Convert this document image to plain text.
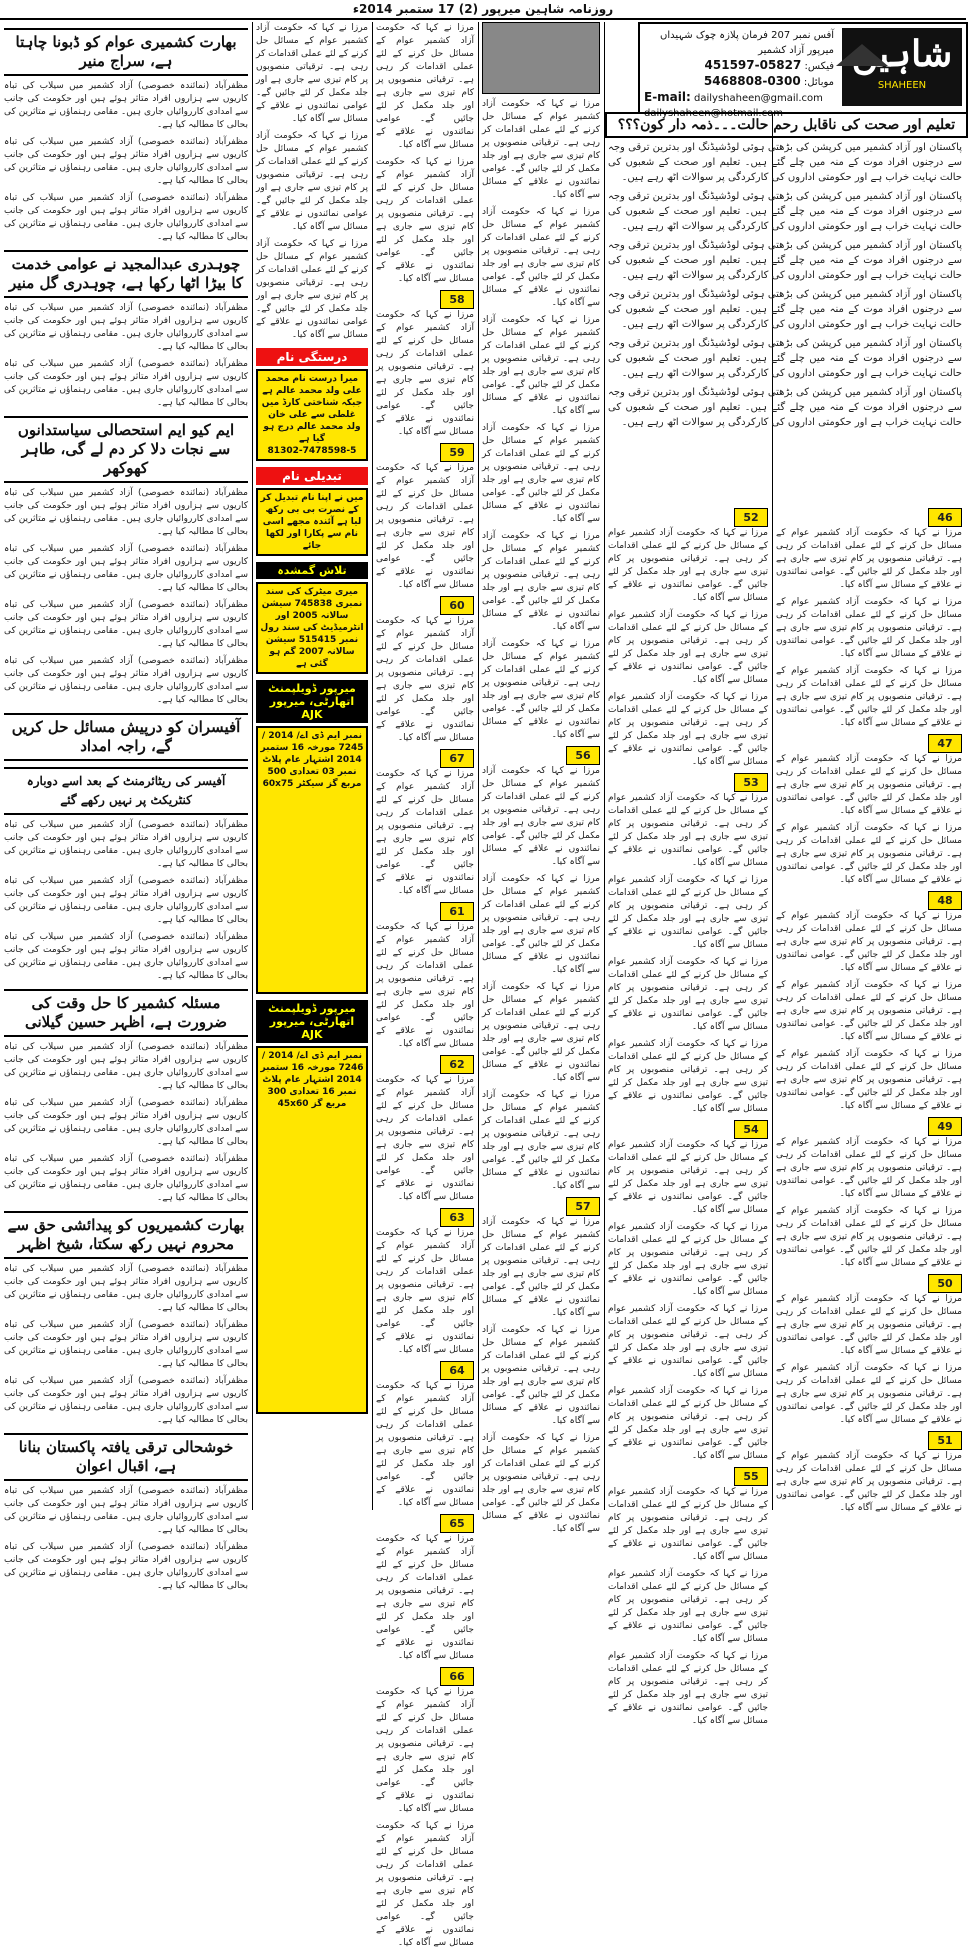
روزنامہ شاہین میرپور (2) 17 ستمبر 2014ء
بھارت کشمیری عوام کو ڈبونا چاہتا ہے، سراج منیر

مظفرآباد (نمائندہ خصوصی) آزاد کشمیر میں سیلاب کی تباہ کاریوں سے ہزاروں افراد متاثر ہوئے ہیں اور حکومت کی جانب سے امدادی کارروائیاں جاری ہیں۔ مقامی رہنماؤں نے متاثرین کی بحالی کا مطالبہ کیا ہے۔

مظفرآباد (نمائندہ خصوصی) آزاد کشمیر میں سیلاب کی تباہ کاریوں سے ہزاروں افراد متاثر ہوئے ہیں اور حکومت کی جانب سے امدادی کارروائیاں جاری ہیں۔ مقامی رہنماؤں نے متاثرین کی بحالی کا مطالبہ کیا ہے۔

مظفرآباد (نمائندہ خصوصی) آزاد کشمیر میں سیلاب کی تباہ کاریوں سے ہزاروں افراد متاثر ہوئے ہیں اور حکومت کی جانب سے امدادی کارروائیاں جاری ہیں۔ مقامی رہنماؤں نے متاثرین کی بحالی کا مطالبہ کیا ہے۔

چوہدری عبدالمجید نے عوامی خدمت کا بیڑا اٹھا رکھا ہے، چوہدری گل منیر

مظفرآباد (نمائندہ خصوصی) آزاد کشمیر میں سیلاب کی تباہ کاریوں سے ہزاروں افراد متاثر ہوئے ہیں اور حکومت کی جانب سے امدادی کارروائیاں جاری ہیں۔ مقامی رہنماؤں نے متاثرین کی بحالی کا مطالبہ کیا ہے۔

مظفرآباد (نمائندہ خصوصی) آزاد کشمیر میں سیلاب کی تباہ کاریوں سے ہزاروں افراد متاثر ہوئے ہیں اور حکومت کی جانب سے امدادی کارروائیاں جاری ہیں۔ مقامی رہنماؤں نے متاثرین کی بحالی کا مطالبہ کیا ہے۔

ایم کیو ایم استحصالی سیاستدانوں سے نجات دلا کر دم لے گی، طاہر کھوکھر

مظفرآباد (نمائندہ خصوصی) آزاد کشمیر میں سیلاب کی تباہ کاریوں سے ہزاروں افراد متاثر ہوئے ہیں اور حکومت کی جانب سے امدادی کارروائیاں جاری ہیں۔ مقامی رہنماؤں نے متاثرین کی بحالی کا مطالبہ کیا ہے۔

مظفرآباد (نمائندہ خصوصی) آزاد کشمیر میں سیلاب کی تباہ کاریوں سے ہزاروں افراد متاثر ہوئے ہیں اور حکومت کی جانب سے امدادی کارروائیاں جاری ہیں۔ مقامی رہنماؤں نے متاثرین کی بحالی کا مطالبہ کیا ہے۔

مظفرآباد (نمائندہ خصوصی) آزاد کشمیر میں سیلاب کی تباہ کاریوں سے ہزاروں افراد متاثر ہوئے ہیں اور حکومت کی جانب سے امدادی کارروائیاں جاری ہیں۔ مقامی رہنماؤں نے متاثرین کی بحالی کا مطالبہ کیا ہے۔

مظفرآباد (نمائندہ خصوصی) آزاد کشمیر میں سیلاب کی تباہ کاریوں سے ہزاروں افراد متاثر ہوئے ہیں اور حکومت کی جانب سے امدادی کارروائیاں جاری ہیں۔ مقامی رہنماؤں نے متاثرین کی بحالی کا مطالبہ کیا ہے۔

آفیسران کو درپیش مسائل حل کریں گے، راجہ امداد
آفیسر کی ریٹائرمنٹ کے بعد اسے دوبارہ کنٹریکٹ پر نہیں رکھے گئے

مظفرآباد (نمائندہ خصوصی) آزاد کشمیر میں سیلاب کی تباہ کاریوں سے ہزاروں افراد متاثر ہوئے ہیں اور حکومت کی جانب سے امدادی کارروائیاں جاری ہیں۔ مقامی رہنماؤں نے متاثرین کی بحالی کا مطالبہ کیا ہے۔

مظفرآباد (نمائندہ خصوصی) آزاد کشمیر میں سیلاب کی تباہ کاریوں سے ہزاروں افراد متاثر ہوئے ہیں اور حکومت کی جانب سے امدادی کارروائیاں جاری ہیں۔ مقامی رہنماؤں نے متاثرین کی بحالی کا مطالبہ کیا ہے۔

مظفرآباد (نمائندہ خصوصی) آزاد کشمیر میں سیلاب کی تباہ کاریوں سے ہزاروں افراد متاثر ہوئے ہیں اور حکومت کی جانب سے امدادی کارروائیاں جاری ہیں۔ مقامی رہنماؤں نے متاثرین کی بحالی کا مطالبہ کیا ہے۔

مسئلہ کشمیر کا حل وقت کی ضرورت ہے، اظہر حسین گیلانی

مظفرآباد (نمائندہ خصوصی) آزاد کشمیر میں سیلاب کی تباہ کاریوں سے ہزاروں افراد متاثر ہوئے ہیں اور حکومت کی جانب سے امدادی کارروائیاں جاری ہیں۔ مقامی رہنماؤں نے متاثرین کی بحالی کا مطالبہ کیا ہے۔

مظفرآباد (نمائندہ خصوصی) آزاد کشمیر میں سیلاب کی تباہ کاریوں سے ہزاروں افراد متاثر ہوئے ہیں اور حکومت کی جانب سے امدادی کارروائیاں جاری ہیں۔ مقامی رہنماؤں نے متاثرین کی بحالی کا مطالبہ کیا ہے۔

مظفرآباد (نمائندہ خصوصی) آزاد کشمیر میں سیلاب کی تباہ کاریوں سے ہزاروں افراد متاثر ہوئے ہیں اور حکومت کی جانب سے امدادی کارروائیاں جاری ہیں۔ مقامی رہنماؤں نے متاثرین کی بحالی کا مطالبہ کیا ہے۔

بھارت کشمیریوں کو پیدائشی حق سے محروم نہیں رکھ سکتا، شیخ اظہر

مظفرآباد (نمائندہ خصوصی) آزاد کشمیر میں سیلاب کی تباہ کاریوں سے ہزاروں افراد متاثر ہوئے ہیں اور حکومت کی جانب سے امدادی کارروائیاں جاری ہیں۔ مقامی رہنماؤں نے متاثرین کی بحالی کا مطالبہ کیا ہے۔

مظفرآباد (نمائندہ خصوصی) آزاد کشمیر میں سیلاب کی تباہ کاریوں سے ہزاروں افراد متاثر ہوئے ہیں اور حکومت کی جانب سے امدادی کارروائیاں جاری ہیں۔ مقامی رہنماؤں نے متاثرین کی بحالی کا مطالبہ کیا ہے۔

مظفرآباد (نمائندہ خصوصی) آزاد کشمیر میں سیلاب کی تباہ کاریوں سے ہزاروں افراد متاثر ہوئے ہیں اور حکومت کی جانب سے امدادی کارروائیاں جاری ہیں۔ مقامی رہنماؤں نے متاثرین کی بحالی کا مطالبہ کیا ہے۔

خوشحالی ترقی یافتہ پاکستان بنانا ہے، اقبال اعوان

مظفرآباد (نمائندہ خصوصی) آزاد کشمیر میں سیلاب کی تباہ کاریوں سے ہزاروں افراد متاثر ہوئے ہیں اور حکومت کی جانب سے امدادی کارروائیاں جاری ہیں۔ مقامی رہنماؤں نے متاثرین کی بحالی کا مطالبہ کیا ہے۔

مظفرآباد (نمائندہ خصوصی) آزاد کشمیر میں سیلاب کی تباہ کاریوں سے ہزاروں افراد متاثر ہوئے ہیں اور حکومت کی جانب سے امدادی کارروائیاں جاری ہیں۔ مقامی رہنماؤں نے متاثرین کی بحالی کا مطالبہ کیا ہے۔

مرزا نے کہا کہ حکومت آزاد کشمیر عوام کے مسائل حل کرنے کے لئے عملی اقدامات کر رہی ہے۔ ترقیاتی منصوبوں پر کام تیزی سے جاری ہے اور جلد مکمل کر لئے جائیں گے۔ عوامی نمائندوں نے علاقے کے مسائل سے آگاہ کیا۔

مرزا نے کہا کہ حکومت آزاد کشمیر عوام کے مسائل حل کرنے کے لئے عملی اقدامات کر رہی ہے۔ ترقیاتی منصوبوں پر کام تیزی سے جاری ہے اور جلد مکمل کر لئے جائیں گے۔ عوامی نمائندوں نے علاقے کے مسائل سے آگاہ کیا۔

مرزا نے کہا کہ حکومت آزاد کشمیر عوام کے مسائل حل کرنے کے لئے عملی اقدامات کر رہی ہے۔ ترقیاتی منصوبوں پر کام تیزی سے جاری ہے اور جلد مکمل کر لئے جائیں گے۔ عوامی نمائندوں نے علاقے کے مسائل سے آگاہ کیا۔

درستگی نام
میرا درست نام محمد علی ولد محمد عالم ہے جبکہ شناختی کارڈ میں غلطی سے علی خان ولد محمد عالم درج ہو گیا ہے
81302-7478598-5
تبدیلی نام
میں نے اپنا نام تبدیل کر کے نصرت بی بی رکھ لیا ہے آئندہ مجھے اسی نام سے پکارا اور لکھا جائے
تلاش گمشدہ
میری میٹرک کی سند نمبری 745838 سیشن سالانہ 2005 اور انٹرمیڈیٹ کی سند رول نمبر 515415 سیشن سالانہ 2007 گم ہو گئی ہے
میرپور ڈویلپمنٹ اتھارٹی، میرپور AJK
نمبر ایم ڈی اے/ 2014 / 7245 مورخہ 16 ستمبر 2014 اشتہار عام پلاٹ نمبر 03 تعدادی 500 مربع گز سیکٹر 60x75
میرپور ڈویلپمنٹ اتھارٹی، میرپور AJK
نمبر ایم ڈی اے/ 2014 / 7246 مورخہ 16 ستمبر 2014 اشتہار عام پلاٹ نمبر 16 تعدادی 300 مربع گز 45x60

مرزا نے کہا کہ حکومت آزاد کشمیر عوام کے مسائل حل کرنے کے لئے عملی اقدامات کر رہی ہے۔ ترقیاتی منصوبوں پر کام تیزی سے جاری ہے اور جلد مکمل کر لئے جائیں گے۔ عوامی نمائندوں نے علاقے کے مسائل سے آگاہ کیا۔

مرزا نے کہا کہ حکومت آزاد کشمیر عوام کے مسائل حل کرنے کے لئے عملی اقدامات کر رہی ہے۔ ترقیاتی منصوبوں پر کام تیزی سے جاری ہے اور جلد مکمل کر لئے جائیں گے۔ عوامی نمائندوں نے علاقے کے مسائل سے آگاہ کیا۔

58

مرزا نے کہا کہ حکومت آزاد کشمیر عوام کے مسائل حل کرنے کے لئے عملی اقدامات کر رہی ہے۔ ترقیاتی منصوبوں پر کام تیزی سے جاری ہے اور جلد مکمل کر لئے جائیں گے۔ عوامی نمائندوں نے علاقے کے مسائل سے آگاہ کیا۔

59

مرزا نے کہا کہ حکومت آزاد کشمیر عوام کے مسائل حل کرنے کے لئے عملی اقدامات کر رہی ہے۔ ترقیاتی منصوبوں پر کام تیزی سے جاری ہے اور جلد مکمل کر لئے جائیں گے۔ عوامی نمائندوں نے علاقے کے مسائل سے آگاہ کیا۔

60

مرزا نے کہا کہ حکومت آزاد کشمیر عوام کے مسائل حل کرنے کے لئے عملی اقدامات کر رہی ہے۔ ترقیاتی منصوبوں پر کام تیزی سے جاری ہے اور جلد مکمل کر لئے جائیں گے۔ عوامی نمائندوں نے علاقے کے مسائل سے آگاہ کیا۔

67

مرزا نے کہا کہ حکومت آزاد کشمیر عوام کے مسائل حل کرنے کے لئے عملی اقدامات کر رہی ہے۔ ترقیاتی منصوبوں پر کام تیزی سے جاری ہے اور جلد مکمل کر لئے جائیں گے۔ عوامی نمائندوں نے علاقے کے مسائل سے آگاہ کیا۔

61

مرزا نے کہا کہ حکومت آزاد کشمیر عوام کے مسائل حل کرنے کے لئے عملی اقدامات کر رہی ہے۔ ترقیاتی منصوبوں پر کام تیزی سے جاری ہے اور جلد مکمل کر لئے جائیں گے۔ عوامی نمائندوں نے علاقے کے مسائل سے آگاہ کیا۔

62

مرزا نے کہا کہ حکومت آزاد کشمیر عوام کے مسائل حل کرنے کے لئے عملی اقدامات کر رہی ہے۔ ترقیاتی منصوبوں پر کام تیزی سے جاری ہے اور جلد مکمل کر لئے جائیں گے۔ عوامی نمائندوں نے علاقے کے مسائل سے آگاہ کیا۔

63

مرزا نے کہا کہ حکومت آزاد کشمیر عوام کے مسائل حل کرنے کے لئے عملی اقدامات کر رہی ہے۔ ترقیاتی منصوبوں پر کام تیزی سے جاری ہے اور جلد مکمل کر لئے جائیں گے۔ عوامی نمائندوں نے علاقے کے مسائل سے آگاہ کیا۔

64

مرزا نے کہا کہ حکومت آزاد کشمیر عوام کے مسائل حل کرنے کے لئے عملی اقدامات کر رہی ہے۔ ترقیاتی منصوبوں پر کام تیزی سے جاری ہے اور جلد مکمل کر لئے جائیں گے۔ عوامی نمائندوں نے علاقے کے مسائل سے آگاہ کیا۔

65

مرزا نے کہا کہ حکومت آزاد کشمیر عوام کے مسائل حل کرنے کے لئے عملی اقدامات کر رہی ہے۔ ترقیاتی منصوبوں پر کام تیزی سے جاری ہے اور جلد مکمل کر لئے جائیں گے۔ عوامی نمائندوں نے علاقے کے مسائل سے آگاہ کیا۔

66

مرزا نے کہا کہ حکومت آزاد کشمیر عوام کے مسائل حل کرنے کے لئے عملی اقدامات کر رہی ہے۔ ترقیاتی منصوبوں پر کام تیزی سے جاری ہے اور جلد مکمل کر لئے جائیں گے۔ عوامی نمائندوں نے علاقے کے مسائل سے آگاہ کیا۔

مرزا نے کہا کہ حکومت آزاد کشمیر عوام کے مسائل حل کرنے کے لئے عملی اقدامات کر رہی ہے۔ ترقیاتی منصوبوں پر کام تیزی سے جاری ہے اور جلد مکمل کر لئے جائیں گے۔ عوامی نمائندوں نے علاقے کے مسائل سے آگاہ کیا۔

مرزا نے کہا کہ حکومت آزاد کشمیر عوام کے مسائل حل کرنے کے لئے عملی اقدامات کر رہی ہے۔ ترقیاتی منصوبوں پر کام تیزی سے جاری ہے اور جلد مکمل کر لئے جائیں گے۔ عوامی نمائندوں نے علاقے کے مسائل سے آگاہ کیا۔

مرزا نے کہا کہ حکومت آزاد کشمیر عوام کے مسائل حل کرنے کے لئے عملی اقدامات کر رہی ہے۔ ترقیاتی منصوبوں پر کام تیزی سے جاری ہے اور جلد مکمل کر لئے جائیں گے۔ عوامی نمائندوں نے علاقے کے مسائل سے آگاہ کیا۔

مرزا نے کہا کہ حکومت آزاد کشمیر عوام کے مسائل حل کرنے کے لئے عملی اقدامات کر رہی ہے۔ ترقیاتی منصوبوں پر کام تیزی سے جاری ہے اور جلد مکمل کر لئے جائیں گے۔ عوامی نمائندوں نے علاقے کے مسائل سے آگاہ کیا۔

مرزا نے کہا کہ حکومت آزاد کشمیر عوام کے مسائل حل کرنے کے لئے عملی اقدامات کر رہی ہے۔ ترقیاتی منصوبوں پر کام تیزی سے جاری ہے اور جلد مکمل کر لئے جائیں گے۔ عوامی نمائندوں نے علاقے کے مسائل سے آگاہ کیا۔

مرزا نے کہا کہ حکومت آزاد کشمیر عوام کے مسائل حل کرنے کے لئے عملی اقدامات کر رہی ہے۔ ترقیاتی منصوبوں پر کام تیزی سے جاری ہے اور جلد مکمل کر لئے جائیں گے۔ عوامی نمائندوں نے علاقے کے مسائل سے آگاہ کیا۔

مرزا نے کہا کہ حکومت آزاد کشمیر عوام کے مسائل حل کرنے کے لئے عملی اقدامات کر رہی ہے۔ ترقیاتی منصوبوں پر کام تیزی سے جاری ہے اور جلد مکمل کر لئے جائیں گے۔ عوامی نمائندوں نے علاقے کے مسائل سے آگاہ کیا۔

56

مرزا نے کہا کہ حکومت آزاد کشمیر عوام کے مسائل حل کرنے کے لئے عملی اقدامات کر رہی ہے۔ ترقیاتی منصوبوں پر کام تیزی سے جاری ہے اور جلد مکمل کر لئے جائیں گے۔ عوامی نمائندوں نے علاقے کے مسائل سے آگاہ کیا۔

مرزا نے کہا کہ حکومت آزاد کشمیر عوام کے مسائل حل کرنے کے لئے عملی اقدامات کر رہی ہے۔ ترقیاتی منصوبوں پر کام تیزی سے جاری ہے اور جلد مکمل کر لئے جائیں گے۔ عوامی نمائندوں نے علاقے کے مسائل سے آگاہ کیا۔

مرزا نے کہا کہ حکومت آزاد کشمیر عوام کے مسائل حل کرنے کے لئے عملی اقدامات کر رہی ہے۔ ترقیاتی منصوبوں پر کام تیزی سے جاری ہے اور جلد مکمل کر لئے جائیں گے۔ عوامی نمائندوں نے علاقے کے مسائل سے آگاہ کیا۔

مرزا نے کہا کہ حکومت آزاد کشمیر عوام کے مسائل حل کرنے کے لئے عملی اقدامات کر رہی ہے۔ ترقیاتی منصوبوں پر کام تیزی سے جاری ہے اور جلد مکمل کر لئے جائیں گے۔ عوامی نمائندوں نے علاقے کے مسائل سے آگاہ کیا۔

57

مرزا نے کہا کہ حکومت آزاد کشمیر عوام کے مسائل حل کرنے کے لئے عملی اقدامات کر رہی ہے۔ ترقیاتی منصوبوں پر کام تیزی سے جاری ہے اور جلد مکمل کر لئے جائیں گے۔ عوامی نمائندوں نے علاقے کے مسائل سے آگاہ کیا۔

مرزا نے کہا کہ حکومت آزاد کشمیر عوام کے مسائل حل کرنے کے لئے عملی اقدامات کر رہی ہے۔ ترقیاتی منصوبوں پر کام تیزی سے جاری ہے اور جلد مکمل کر لئے جائیں گے۔ عوامی نمائندوں نے علاقے کے مسائل سے آگاہ کیا۔

مرزا نے کہا کہ حکومت آزاد کشمیر عوام کے مسائل حل کرنے کے لئے عملی اقدامات کر رہی ہے۔ ترقیاتی منصوبوں پر کام تیزی سے جاری ہے اور جلد مکمل کر لئے جائیں گے۔ عوامی نمائندوں نے علاقے کے مسائل سے آگاہ کیا۔

شاہین
SHAHEEN
آفس نمبر 207 فرمان پلازہ چوک شہیداں میرپور آزاد کشمیر
فیکس: 05827-451597
موبائل: 0300-5468808
E-mail: dailyshaheen@gmail.com
dailyshaheen@hotmail.com
تعلیم اور صحت کی ناقابل رحم حالت۔۔۔ذمہ دار کون؟؟؟

پاکستان اور آزاد کشمیر میں کرپشن کی بڑھتی ہوئی لوڈشیڈنگ اور بدترین ترقی وجہ سے درجنوں افراد موت کے منہ میں چلے گئے ہیں۔ تعلیم اور صحت کے شعبوں کی حالت نہایت خراب ہے اور حکومتی اداروں کی کارکردگی پر سوالات اٹھ رہے ہیں۔

پاکستان اور آزاد کشمیر میں کرپشن کی بڑھتی ہوئی لوڈشیڈنگ اور بدترین ترقی وجہ سے درجنوں افراد موت کے منہ میں چلے گئے ہیں۔ تعلیم اور صحت کے شعبوں کی حالت نہایت خراب ہے اور حکومتی اداروں کی کارکردگی پر سوالات اٹھ رہے ہیں۔

پاکستان اور آزاد کشمیر میں کرپشن کی بڑھتی ہوئی لوڈشیڈنگ اور بدترین ترقی وجہ سے درجنوں افراد موت کے منہ میں چلے گئے ہیں۔ تعلیم اور صحت کے شعبوں کی حالت نہایت خراب ہے اور حکومتی اداروں کی کارکردگی پر سوالات اٹھ رہے ہیں۔

پاکستان اور آزاد کشمیر میں کرپشن کی بڑھتی ہوئی لوڈشیڈنگ اور بدترین ترقی وجہ سے درجنوں افراد موت کے منہ میں چلے گئے ہیں۔ تعلیم اور صحت کے شعبوں کی حالت نہایت خراب ہے اور حکومتی اداروں کی کارکردگی پر سوالات اٹھ رہے ہیں۔

پاکستان اور آزاد کشمیر میں کرپشن کی بڑھتی ہوئی لوڈشیڈنگ اور بدترین ترقی وجہ سے درجنوں افراد موت کے منہ میں چلے گئے ہیں۔ تعلیم اور صحت کے شعبوں کی حالت نہایت خراب ہے اور حکومتی اداروں کی کارکردگی پر سوالات اٹھ رہے ہیں۔

پاکستان اور آزاد کشمیر میں کرپشن کی بڑھتی ہوئی لوڈشیڈنگ اور بدترین ترقی وجہ سے درجنوں افراد موت کے منہ میں چلے گئے ہیں۔ تعلیم اور صحت کے شعبوں کی حالت نہایت خراب ہے اور حکومتی اداروں کی کارکردگی پر سوالات اٹھ رہے ہیں۔

52

مرزا نے کہا کہ حکومت آزاد کشمیر عوام کے مسائل حل کرنے کے لئے عملی اقدامات کر رہی ہے۔ ترقیاتی منصوبوں پر کام تیزی سے جاری ہے اور جلد مکمل کر لئے جائیں گے۔ عوامی نمائندوں نے علاقے کے مسائل سے آگاہ کیا۔

مرزا نے کہا کہ حکومت آزاد کشمیر عوام کے مسائل حل کرنے کے لئے عملی اقدامات کر رہی ہے۔ ترقیاتی منصوبوں پر کام تیزی سے جاری ہے اور جلد مکمل کر لئے جائیں گے۔ عوامی نمائندوں نے علاقے کے مسائل سے آگاہ کیا۔

مرزا نے کہا کہ حکومت آزاد کشمیر عوام کے مسائل حل کرنے کے لئے عملی اقدامات کر رہی ہے۔ ترقیاتی منصوبوں پر کام تیزی سے جاری ہے اور جلد مکمل کر لئے جائیں گے۔ عوامی نمائندوں نے علاقے کے مسائل سے آگاہ کیا۔

53

مرزا نے کہا کہ حکومت آزاد کشمیر عوام کے مسائل حل کرنے کے لئے عملی اقدامات کر رہی ہے۔ ترقیاتی منصوبوں پر کام تیزی سے جاری ہے اور جلد مکمل کر لئے جائیں گے۔ عوامی نمائندوں نے علاقے کے مسائل سے آگاہ کیا۔

مرزا نے کہا کہ حکومت آزاد کشمیر عوام کے مسائل حل کرنے کے لئے عملی اقدامات کر رہی ہے۔ ترقیاتی منصوبوں پر کام تیزی سے جاری ہے اور جلد مکمل کر لئے جائیں گے۔ عوامی نمائندوں نے علاقے کے مسائل سے آگاہ کیا۔

مرزا نے کہا کہ حکومت آزاد کشمیر عوام کے مسائل حل کرنے کے لئے عملی اقدامات کر رہی ہے۔ ترقیاتی منصوبوں پر کام تیزی سے جاری ہے اور جلد مکمل کر لئے جائیں گے۔ عوامی نمائندوں نے علاقے کے مسائل سے آگاہ کیا۔

مرزا نے کہا کہ حکومت آزاد کشمیر عوام کے مسائل حل کرنے کے لئے عملی اقدامات کر رہی ہے۔ ترقیاتی منصوبوں پر کام تیزی سے جاری ہے اور جلد مکمل کر لئے جائیں گے۔ عوامی نمائندوں نے علاقے کے مسائل سے آگاہ کیا۔

54

مرزا نے کہا کہ حکومت آزاد کشمیر عوام کے مسائل حل کرنے کے لئے عملی اقدامات کر رہی ہے۔ ترقیاتی منصوبوں پر کام تیزی سے جاری ہے اور جلد مکمل کر لئے جائیں گے۔ عوامی نمائندوں نے علاقے کے مسائل سے آگاہ کیا۔

مرزا نے کہا کہ حکومت آزاد کشمیر عوام کے مسائل حل کرنے کے لئے عملی اقدامات کر رہی ہے۔ ترقیاتی منصوبوں پر کام تیزی سے جاری ہے اور جلد مکمل کر لئے جائیں گے۔ عوامی نمائندوں نے علاقے کے مسائل سے آگاہ کیا۔

مرزا نے کہا کہ حکومت آزاد کشمیر عوام کے مسائل حل کرنے کے لئے عملی اقدامات کر رہی ہے۔ ترقیاتی منصوبوں پر کام تیزی سے جاری ہے اور جلد مکمل کر لئے جائیں گے۔ عوامی نمائندوں نے علاقے کے مسائل سے آگاہ کیا۔

مرزا نے کہا کہ حکومت آزاد کشمیر عوام کے مسائل حل کرنے کے لئے عملی اقدامات کر رہی ہے۔ ترقیاتی منصوبوں پر کام تیزی سے جاری ہے اور جلد مکمل کر لئے جائیں گے۔ عوامی نمائندوں نے علاقے کے مسائل سے آگاہ کیا۔

55

مرزا نے کہا کہ حکومت آزاد کشمیر عوام کے مسائل حل کرنے کے لئے عملی اقدامات کر رہی ہے۔ ترقیاتی منصوبوں پر کام تیزی سے جاری ہے اور جلد مکمل کر لئے جائیں گے۔ عوامی نمائندوں نے علاقے کے مسائل سے آگاہ کیا۔

مرزا نے کہا کہ حکومت آزاد کشمیر عوام کے مسائل حل کرنے کے لئے عملی اقدامات کر رہی ہے۔ ترقیاتی منصوبوں پر کام تیزی سے جاری ہے اور جلد مکمل کر لئے جائیں گے۔ عوامی نمائندوں نے علاقے کے مسائل سے آگاہ کیا۔

مرزا نے کہا کہ حکومت آزاد کشمیر عوام کے مسائل حل کرنے کے لئے عملی اقدامات کر رہی ہے۔ ترقیاتی منصوبوں پر کام تیزی سے جاری ہے اور جلد مکمل کر لئے جائیں گے۔ عوامی نمائندوں نے علاقے کے مسائل سے آگاہ کیا۔

46

مرزا نے کہا کہ حکومت آزاد کشمیر عوام کے مسائل حل کرنے کے لئے عملی اقدامات کر رہی ہے۔ ترقیاتی منصوبوں پر کام تیزی سے جاری ہے اور جلد مکمل کر لئے جائیں گے۔ عوامی نمائندوں نے علاقے کے مسائل سے آگاہ کیا۔

مرزا نے کہا کہ حکومت آزاد کشمیر عوام کے مسائل حل کرنے کے لئے عملی اقدامات کر رہی ہے۔ ترقیاتی منصوبوں پر کام تیزی سے جاری ہے اور جلد مکمل کر لئے جائیں گے۔ عوامی نمائندوں نے علاقے کے مسائل سے آگاہ کیا۔

مرزا نے کہا کہ حکومت آزاد کشمیر عوام کے مسائل حل کرنے کے لئے عملی اقدامات کر رہی ہے۔ ترقیاتی منصوبوں پر کام تیزی سے جاری ہے اور جلد مکمل کر لئے جائیں گے۔ عوامی نمائندوں نے علاقے کے مسائل سے آگاہ کیا۔

47

مرزا نے کہا کہ حکومت آزاد کشمیر عوام کے مسائل حل کرنے کے لئے عملی اقدامات کر رہی ہے۔ ترقیاتی منصوبوں پر کام تیزی سے جاری ہے اور جلد مکمل کر لئے جائیں گے۔ عوامی نمائندوں نے علاقے کے مسائل سے آگاہ کیا۔

مرزا نے کہا کہ حکومت آزاد کشمیر عوام کے مسائل حل کرنے کے لئے عملی اقدامات کر رہی ہے۔ ترقیاتی منصوبوں پر کام تیزی سے جاری ہے اور جلد مکمل کر لئے جائیں گے۔ عوامی نمائندوں نے علاقے کے مسائل سے آگاہ کیا۔

48

مرزا نے کہا کہ حکومت آزاد کشمیر عوام کے مسائل حل کرنے کے لئے عملی اقدامات کر رہی ہے۔ ترقیاتی منصوبوں پر کام تیزی سے جاری ہے اور جلد مکمل کر لئے جائیں گے۔ عوامی نمائندوں نے علاقے کے مسائل سے آگاہ کیا۔

مرزا نے کہا کہ حکومت آزاد کشمیر عوام کے مسائل حل کرنے کے لئے عملی اقدامات کر رہی ہے۔ ترقیاتی منصوبوں پر کام تیزی سے جاری ہے اور جلد مکمل کر لئے جائیں گے۔ عوامی نمائندوں نے علاقے کے مسائل سے آگاہ کیا۔

مرزا نے کہا کہ حکومت آزاد کشمیر عوام کے مسائل حل کرنے کے لئے عملی اقدامات کر رہی ہے۔ ترقیاتی منصوبوں پر کام تیزی سے جاری ہے اور جلد مکمل کر لئے جائیں گے۔ عوامی نمائندوں نے علاقے کے مسائل سے آگاہ کیا۔

49

مرزا نے کہا کہ حکومت آزاد کشمیر عوام کے مسائل حل کرنے کے لئے عملی اقدامات کر رہی ہے۔ ترقیاتی منصوبوں پر کام تیزی سے جاری ہے اور جلد مکمل کر لئے جائیں گے۔ عوامی نمائندوں نے علاقے کے مسائل سے آگاہ کیا۔

مرزا نے کہا کہ حکومت آزاد کشمیر عوام کے مسائل حل کرنے کے لئے عملی اقدامات کر رہی ہے۔ ترقیاتی منصوبوں پر کام تیزی سے جاری ہے اور جلد مکمل کر لئے جائیں گے۔ عوامی نمائندوں نے علاقے کے مسائل سے آگاہ کیا۔

50

مرزا نے کہا کہ حکومت آزاد کشمیر عوام کے مسائل حل کرنے کے لئے عملی اقدامات کر رہی ہے۔ ترقیاتی منصوبوں پر کام تیزی سے جاری ہے اور جلد مکمل کر لئے جائیں گے۔ عوامی نمائندوں نے علاقے کے مسائل سے آگاہ کیا۔

مرزا نے کہا کہ حکومت آزاد کشمیر عوام کے مسائل حل کرنے کے لئے عملی اقدامات کر رہی ہے۔ ترقیاتی منصوبوں پر کام تیزی سے جاری ہے اور جلد مکمل کر لئے جائیں گے۔ عوامی نمائندوں نے علاقے کے مسائل سے آگاہ کیا۔

51

مرزا نے کہا کہ حکومت آزاد کشمیر عوام کے مسائل حل کرنے کے لئے عملی اقدامات کر رہی ہے۔ ترقیاتی منصوبوں پر کام تیزی سے جاری ہے اور جلد مکمل کر لئے جائیں گے۔ عوامی نمائندوں نے علاقے کے مسائل سے آگاہ کیا۔
